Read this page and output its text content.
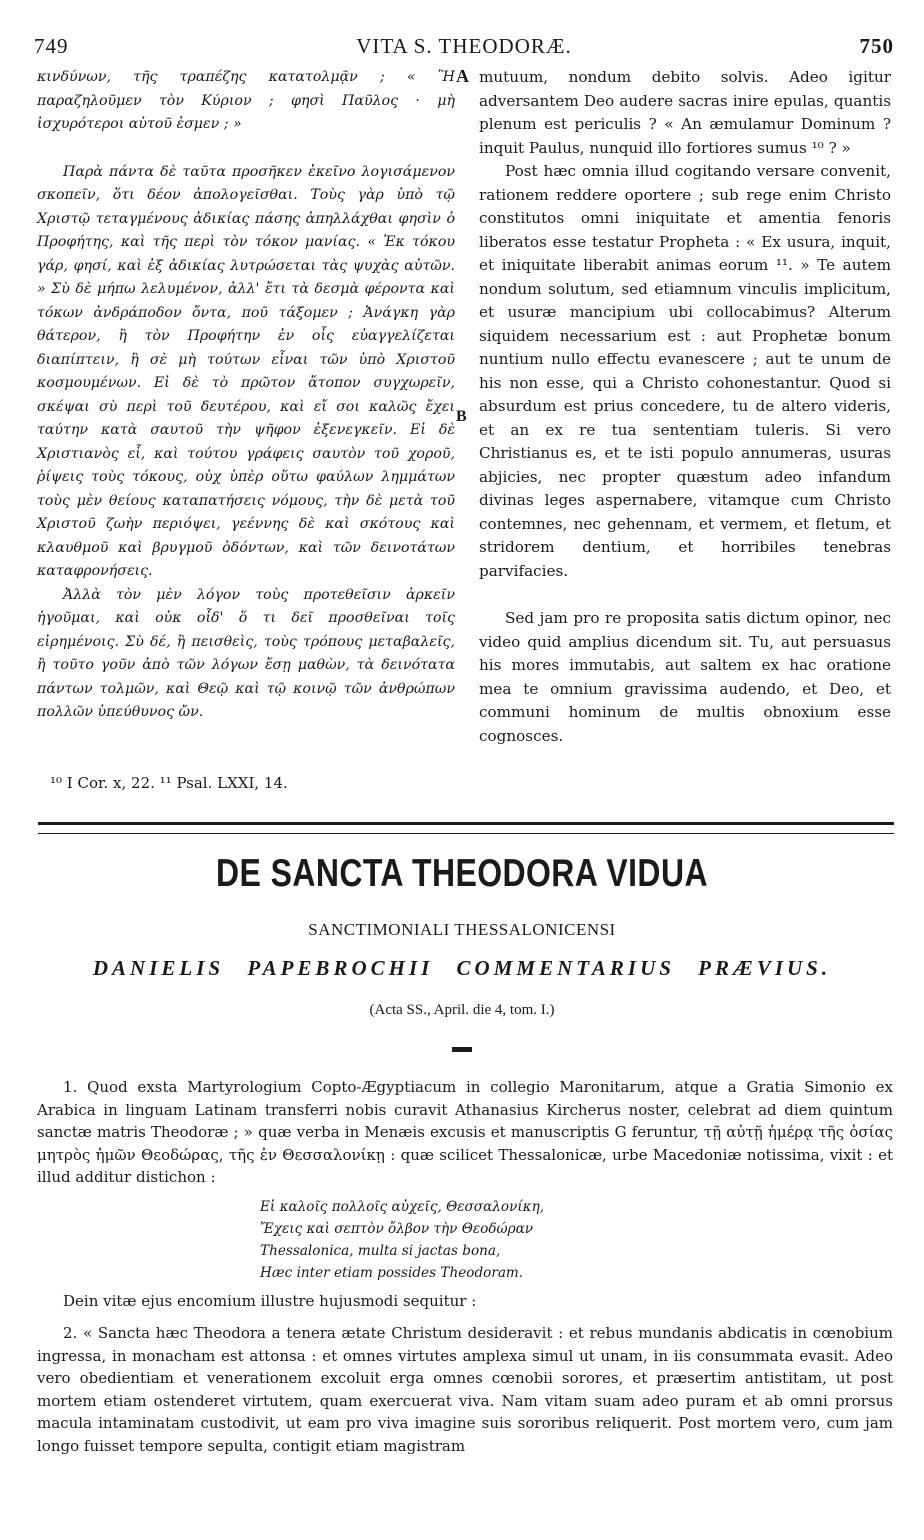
749	VITA S. THEODORÆ.	750

κινδύνων, τῆς τραπέζης κατατολμᾷν ; « Ἢ παραζηλοῦμεν τὸν Κύριον ; φησὶ Παῦλος · μὴ ἰσχυρότεροι αὐτοῦ ἐσμεν ; »

Παρὰ πάντα δὲ ταῦτα προσῆκεν ἐκεῖνο λογισάμενον σκοπεῖν, ὅτι δέον ἀπολογεῖσθαι. Τοὺς γὰρ ὑπὸ τῷ Χριστῷ τεταγμένους ἀδικίας πάσης ἀπηλλάχθαι φησὶν ὁ Προφήτης, καὶ τῆς περὶ τὸν τόκον μανίας. « Ἐκ τόκου γάρ, φησί, καὶ ἐξ ἀδικίας λυτρώσεται τὰς ψυχὰς αὐτῶν. » Σὺ δὲ μήπω λελυμένον, ἀλλ' ἔτι τὰ δεσμὰ φέροντα καὶ τόκων ἀνδράποδον ὄντα, ποῦ τάξομεν ; Ἀνάγκη γὰρ θάτερον, ἢ τὸν Προφήτην ἐν οἷς εὐαγγελίζεται διαπίπτειν, ἢ σὲ μὴ τούτων εἶναι τῶν ὑπὸ Χριστοῦ κοσμουμένων. Εἰ δὲ τὸ πρῶτον ἄτοπον συγχωρεῖν, σκέψαι σὺ περὶ τοῦ δευτέρου, καὶ εἴ σοι καλῶς ἔχει ταύτην κατὰ σαυτοῦ τὴν ψῆφον ἐξενεγκεῖν. Εἰ δὲ Χριστιανὸς εἶ, καὶ τούτου γράφεις σαυτὸν τοῦ χοροῦ, ῥίψεις τοὺς τόκους, οὐχ ὑπὲρ οὕτω φαύλων λημμάτων τοὺς μὲν θείους καταπατήσεις νόμους, τὴν δὲ μετὰ τοῦ Χριστοῦ ζωὴν περιόψει, γεέννης δὲ καὶ σκότους καὶ κλαυθμοῦ καὶ βρυγμοῦ ὀδόντων, καὶ τῶν δεινοτάτων καταφρονήσεις.

Ἀλλὰ τὸν μὲν λόγον τοὺς προτεθεῖσιν ἀρκεῖν ἡγοῦμαι, καὶ οὐκ οἶδ' ὅ τι δεῖ προσθεῖναι τοῖς εἰρημένοις. Σὺ δέ, ἢ πεισθεὶς, τοὺς τρόπους μεταβαλεῖς, ἢ τοῦτο γοῦν ἀπὸ τῶν λόγων ἔσῃ μαθὼν, τὰ δεινότατα πάντων τολμῶν, καὶ Θεῷ καὶ τῷ κοινῷ τῶν ἀνθρώπων πολλῶν ὑπεύθυνος ὤν.

A
B

mutuum, nondum debito solvis. Adeo igitur adversantem Deo audere sacras inire epulas, quantis plenum est periculis ? « An æmulamur Dominum ? inquit Paulus, nunquid illo fortiores sumus ¹⁰ ? »

Post hæc omnia illud cogitando versare convenit, rationem reddere oportere ; sub rege enim Christo constitutos omni iniquitate et amentia fenoris liberatos esse testatur Propheta : « Ex usura, inquit, et iniquitate liberabit animas eorum ¹¹. » Te autem nondum solutum, sed etiamnum vinculis implicitum, et usuræ mancipium ubi collocabimus? Alterum siquidem necessarium est : aut Prophetæ bonum nuntium nullo effectu evanescere ; aut te unum de his non esse, qui a Christo cohonestantur. Quod si absurdum est prius concedere, tu de altero videris, et an ex re tua sententiam tuleris. Si vero Christianus es, et te isti populo annumeras, usuras abjicies, nec propter quæstum adeo infandum divinas leges aspernabere, vitamque cum Christo contemnes, nec gehennam, et vermem, et fletum, et stridorem dentium, et horribiles tenebras parvifacies.

Sed jam pro re proposita satis dictum opinor, nec video quid amplius dicendum sit. Tu, aut persuasus his mores immutabis, aut saltem ex hac oratione mea te omnium gravissima audendo, et Deo, et communi hominum de multis obnoxium esse cognosces.

¹⁰ I Cor. x, 22. ¹¹ Psal. LXXI, 14.
DE SANCTA THEODORA VIDUA
SANCTIMONIALI THESSALONICENSI
DANIELIS PAPEBROCHII COMMENTARIUS PRÆVIUS.
(Acta SS., April. die 4, tom. I.)

1. Quod exsta Martyrologium Copto-Ægyptiacum in collegio Maronitarum, atque a Gratia Simonio ex Arabica in linguam Latinam transferri nobis curavit Athanasius Kircherus noster, celebrat ad diem quintum sanctæ matris Theodoræ ; » quæ verba in Menæis excusis et manuscriptis G feruntur, τῇ αὐτῇ ἡμέρᾳ τῆς ὁσίας μητρὸς ἡμῶν Θεοδώρας, τῆς ἐν Θεσσαλονίκῃ : quæ scilicet Thessalonicæ, urbe Macedoniæ notissima, vixit : et illud additur distichon :

Εἰ καλοῖς πολλοῖς αὐχεῖς, Θεσσαλονίκη,
Ἔχεις καὶ σεπτὸν ὄλβον τὴν Θεοδώραν
Thessalonica, multa si jactas bona,
Hæc inter etiam possides Theodoram.

Dein vitæ ejus encomium illustre hujusmodi sequitur :

2. « Sancta hæc Theodora a tenera ætate Christum desideravit : et rebus mundanis abdicatis in cœnobium ingressa, in monacham est attonsa : et omnes virtutes amplexa simul ut unam, in iis consummata evasit. Adeo vero obedientiam et venerationem excoluit erga omnes cœnobii sorores, et præsertim antistitam, ut post mortem etiam ostenderet virtutem, quam exercuerat viva. Nam vitam suam adeo puram et ab omni prorsus macula intaminatam custodivit, ut eam pro viva imagine suis sororibus reliquerit. Post mortem vero, cum jam longo fuisset tempore sepulta, contigit etiam magistram
